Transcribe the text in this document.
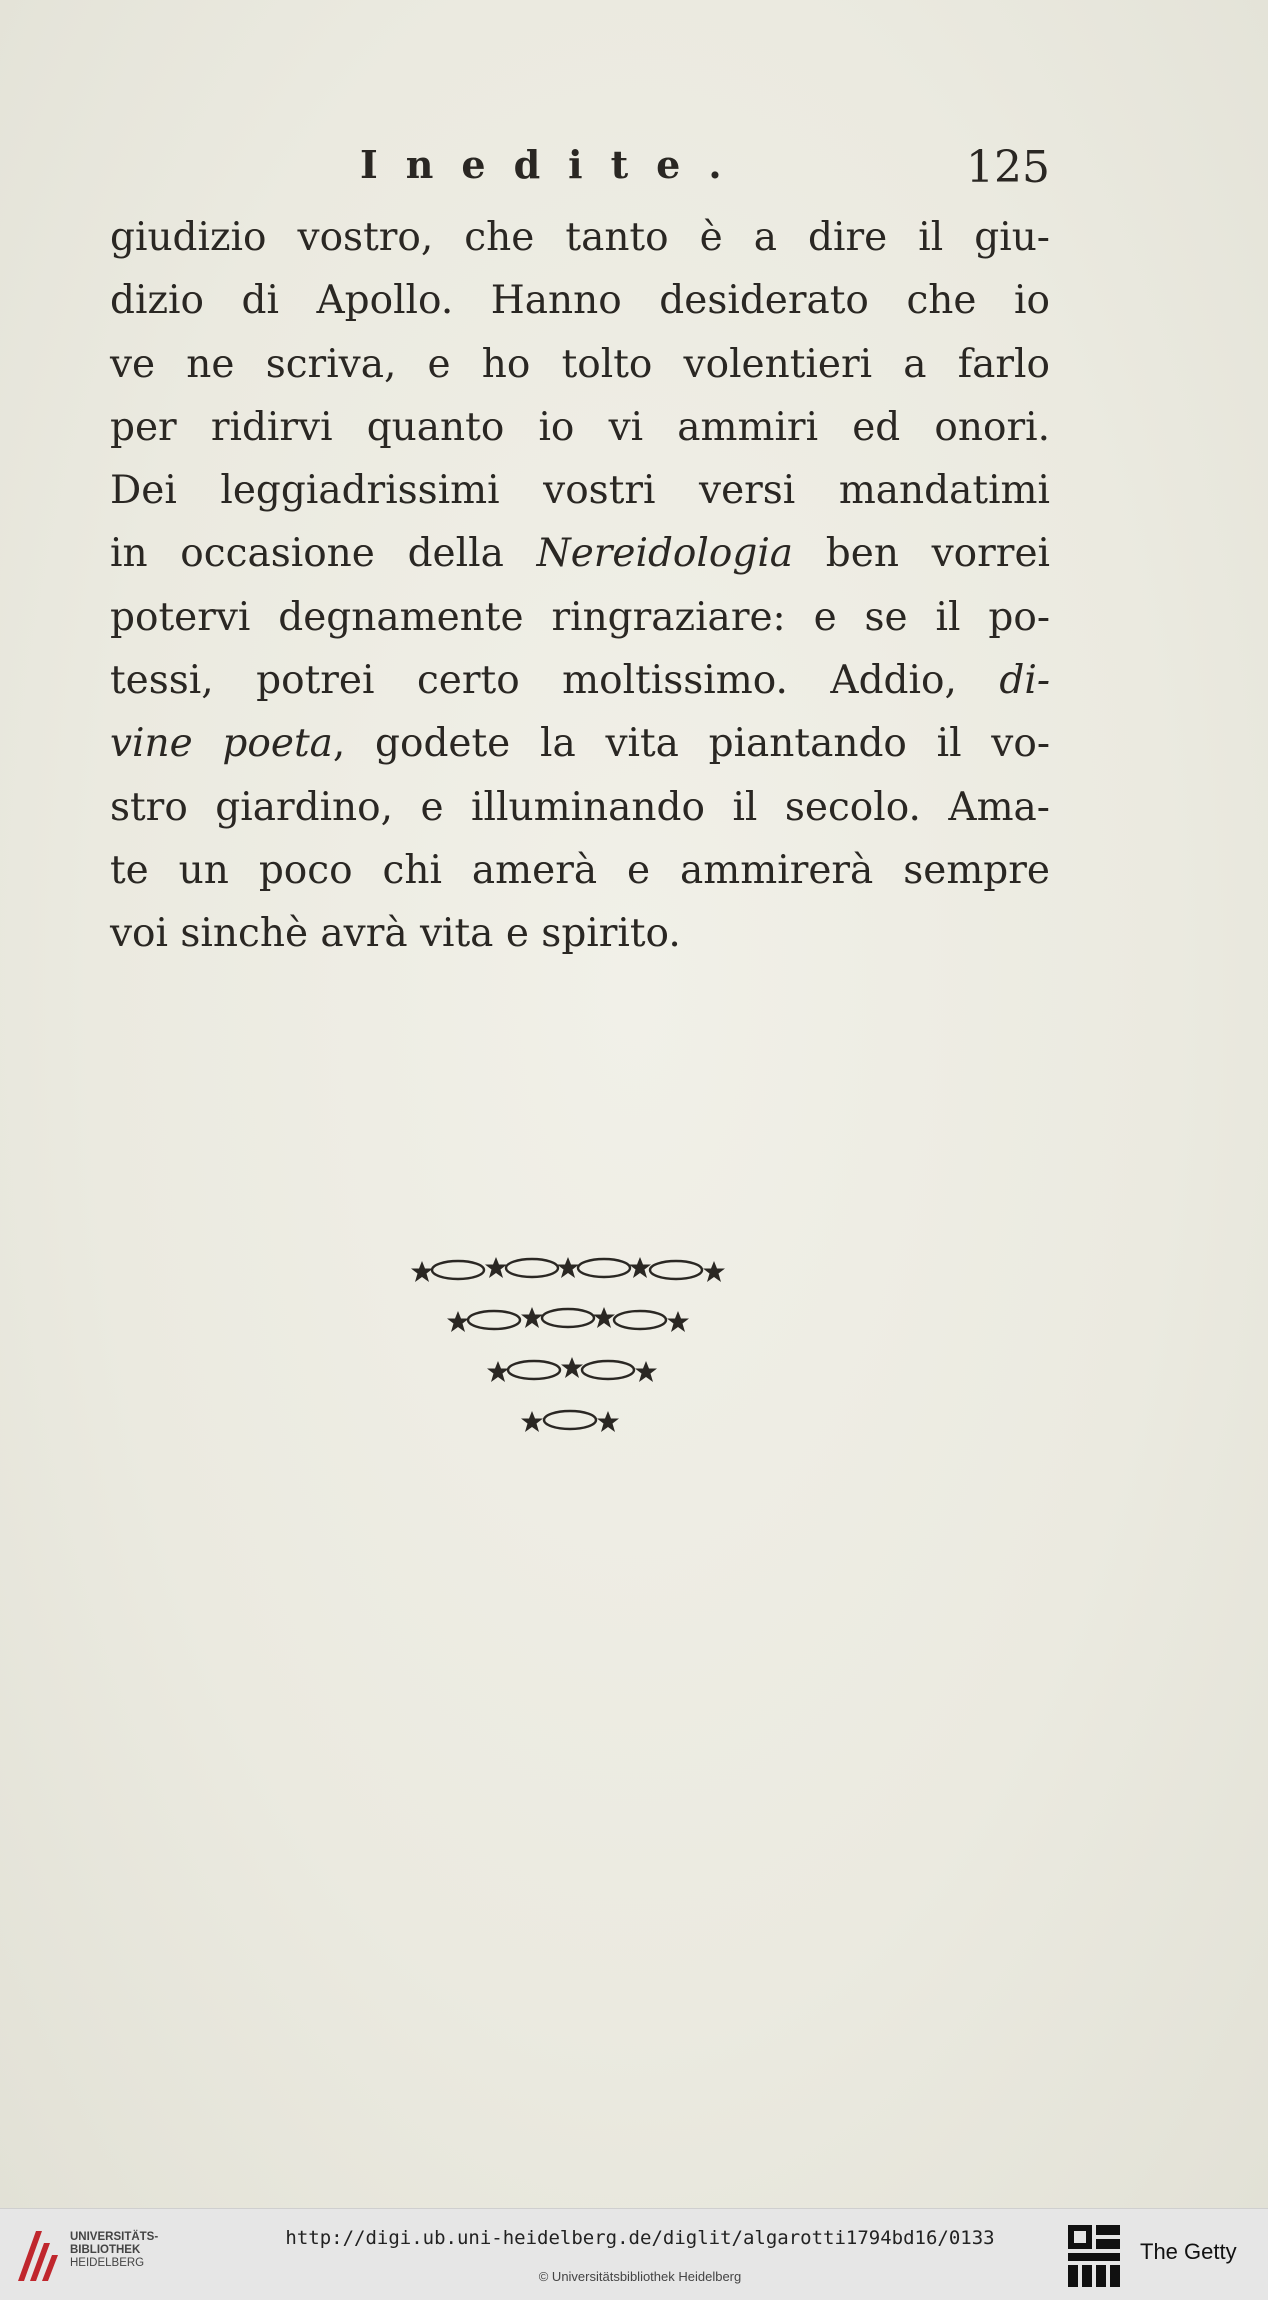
Inedite.	125
giudizio vostro, che tanto è a dire il giu-
dizio di Apollo. Hanno desiderato che io
ve ne scriva, e ho tolto volentieri a farlo
per ridirvi quanto io vi ammiri ed onori.
Dei leggiadrissimi vostri versi mandatimi
in occasione della Nereidologia ben vorrei
potervi degnamente ringraziare: e se il po-
tessi, potrei certo moltissimo. Addio, di-
vine poeta, godete la vita piantando il vo-
stro giardino, e illuminando il secolo. Ama-
te un poco chi amerà e ammirerà sempre
voi sinchè avrà vita e spirito.
UNIVERSITÄTS-
BIBLIOTHEK
HEIDELBERG
http://digi.ub.uni-heidelberg.de/diglit/algarotti1794bd16/0133
© Universitätsbibliothek Heidelberg
The Getty
